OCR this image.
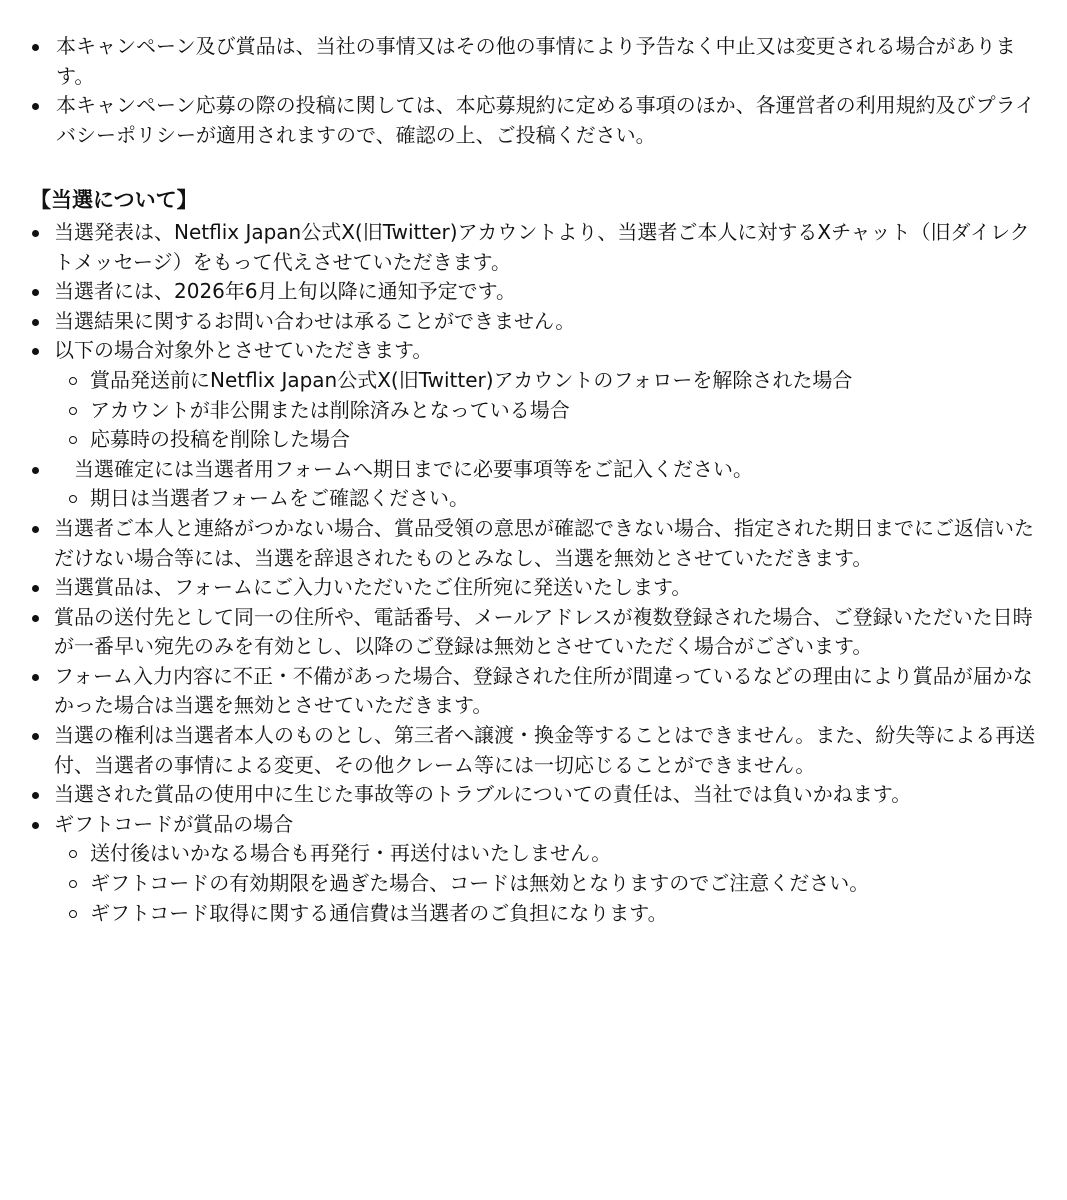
本キャンペーン及び賞品は、当社の事情又はその他の事情により予告なく中止又は変更される場合があります。
本キャンペーン応募の際の投稿に関しては、本応募規約に定める事項のほか、各運営者の利用規約及びプライバシーポリシーが適用されますので、確認の上、ご投稿ください。
【当選について】
当選発表は、Netflix Japan公式X(旧Twitter)アカウントより、当選者ご本人に対するXチャット（旧ダイレクトメッセージ）をもって代えさせていただきます。
当選者には、2026年6月上旬以降に通知予定です。
当選結果に関するお問い合わせは承ることができません。
以下の場合対象外とさせていただきます。
賞品発送前にNetflix Japan公式X(旧Twitter)アカウントのフォローを解除された場合
アカウントが非公開または削除済みとなっている場合
応募時の投稿を削除した場合
当選確定には当選者用フォームへ期日までに必要事項等をご記入ください。
期日は当選者フォームをご確認ください。
当選者ご本人と連絡がつかない場合、賞品受領の意思が確認できない場合、指定された期日までにご返信いただけない場合等には、当選を辞退されたものとみなし、当選を無効とさせていただきます。
当選賞品は、フォームにご入力いただいたご住所宛に発送いたします。
賞品の送付先として同一の住所や、電話番号、メールアドレスが複数登録された場合、ご登録いただいた日時が一番早い宛先のみを有効とし、以降のご登録は無効とさせていただく場合がございます。
フォーム入力内容に不正・不備があった場合、登録された住所が間違っているなどの理由により賞品が届かなかった場合は当選を無効とさせていただきます。
当選の権利は当選者本人のものとし、第三者へ譲渡・換金等することはできません。また、紛失等による再送付、当選者の事情による変更、その他クレーム等には一切応じることができません。
当選された賞品の使用中に生じた事故等のトラブルについての責任は、当社では負いかねます。
ギフトコードが賞品の場合
送付後はいかなる場合も再発行・再送付はいたしません。
ギフトコードの有効期限を過ぎた場合、コードは無効となりますのでご注意ください。
ギフトコード取得に関する通信費は当選者のご負担になります。
